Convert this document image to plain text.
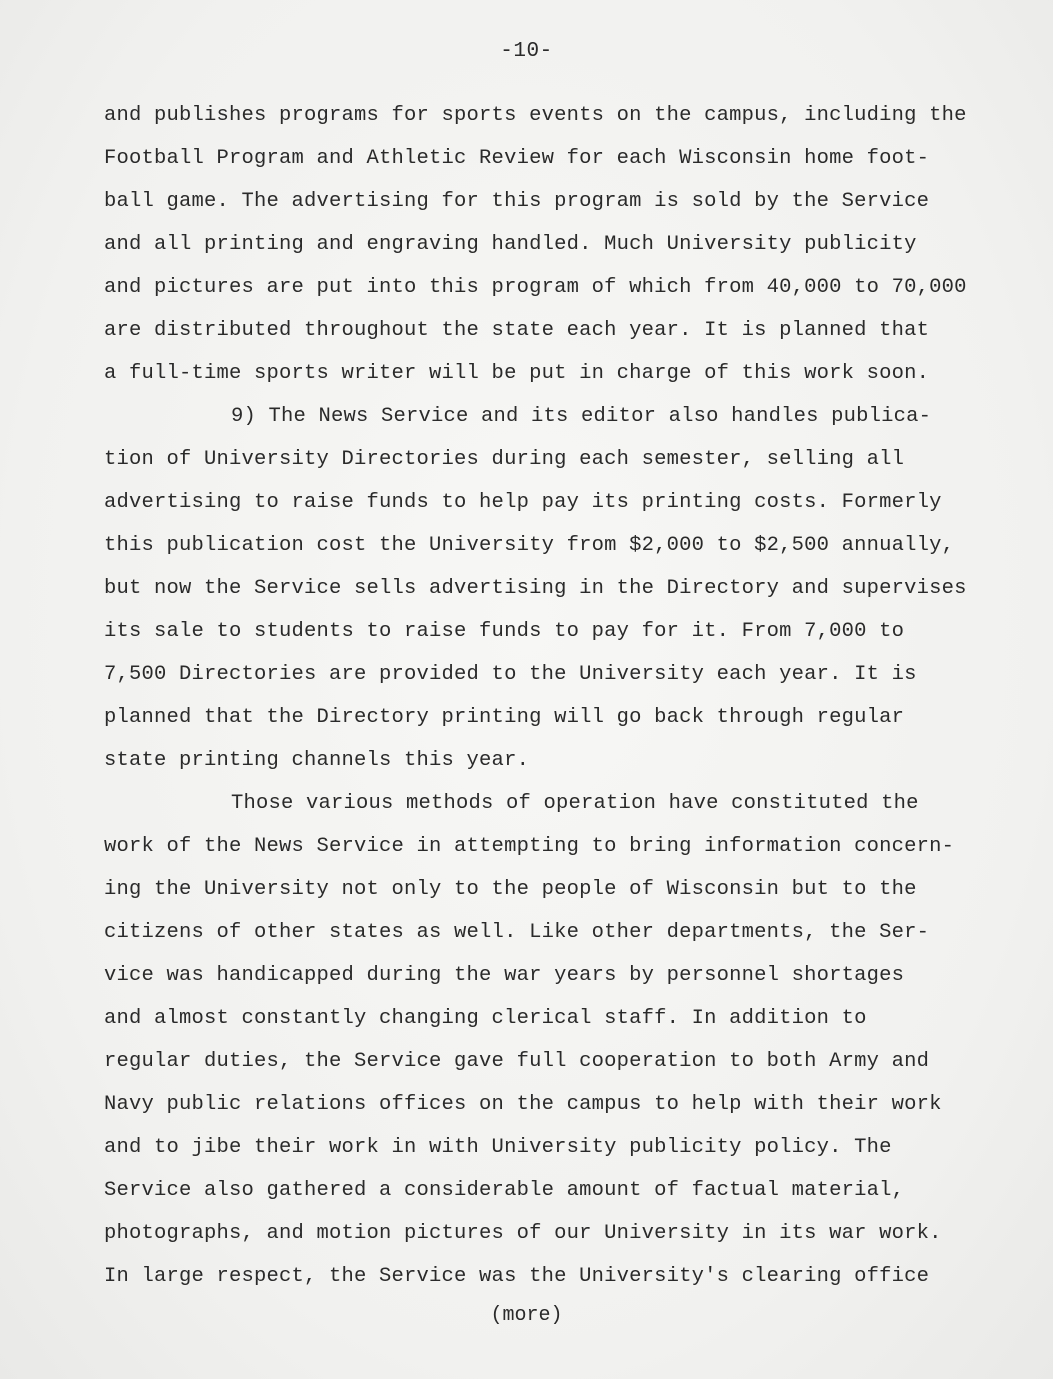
-10-
and publishes programs for sports events on the campus, including the
Football Program and Athletic Review for each Wisconsin home foot-
ball game. The advertising for this program is sold by the Service
and all printing and engraving handled. Much University publicity
and pictures are put into this program of which from 40,000 to 70,000
are distributed throughout the state each year. It is planned that
a full-time sports writer will be put in charge of this work soon.
9) The News Service and its editor also handles publica-
tion of University Directories during each semester, selling all
advertising to raise funds to help pay its printing costs. Formerly
this publication cost the University from $2,000 to $2,500 annually,
but now the Service sells advertising in the Directory and supervises
its sale to students to raise funds to pay for it. From 7,000 to
7,500 Directories are provided to the University each year. It is
planned that the Directory printing will go back through regular
state printing channels this year.
Those various methods of operation have constituted the
work of the News Service in attempting to bring information concern-
ing the University not only to the people of Wisconsin but to the
citizens of other states as well. Like other departments, the Ser-
vice was handicapped during the war years by personnel shortages
and almost constantly changing clerical staff. In addition to
regular duties, the Service gave full cooperation to both Army and
Navy public relations offices on the campus to help with their work
and to jibe their work in with University publicity policy. The
Service also gathered a considerable amount of factual material,
photographs, and motion pictures of our University in its war work.
In large respect, the Service was the University's clearing office
(more)
